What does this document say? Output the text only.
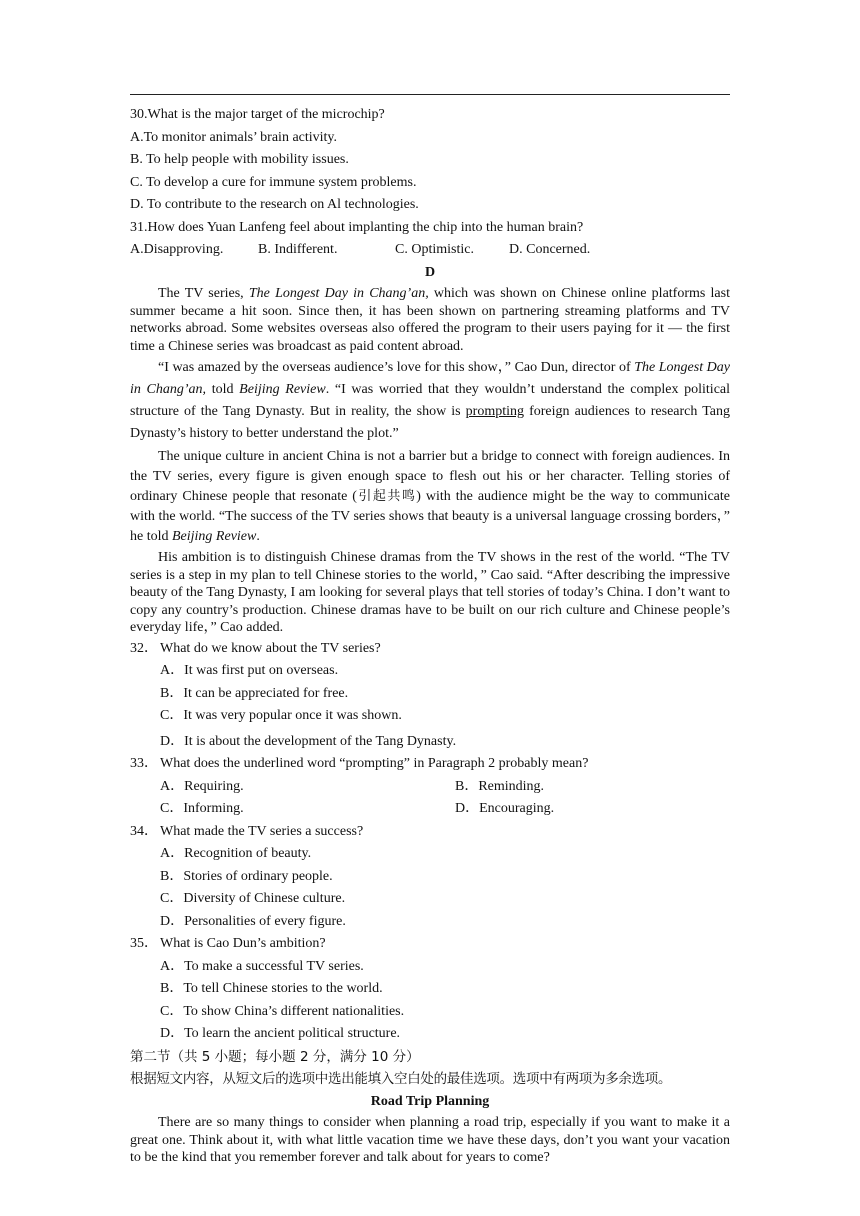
30.What is the major target of the microchip?

A.To monitor animals’ brain activity.

B. To help people with mobility issues.

C. To develop a cure for immune system problems.

D. To contribute to the research on Al technologies.

31.How does Yuan Lanfeng feel about implanting the chip into the human brain?

A.Disapproving.	B. Indifferent.	C. Optimistic.	D. Concerned.

D

The TV series, The Longest Day in Chang’an, which was shown on Chinese online platforms last summer became a hit soon. Since then, it has been shown on partnering streaming platforms and TV networks abroad. Some websites overseas also offered the program to their users paying for it — the first time a Chinese series was broadcast as paid content abroad.

“I was amazed by the overseas audience’s love for this show，” Cao Dun, director of The Longest Day in Chang’an, told Beijing Review. “I was worried that they wouldn’t understand the complex political structure of the Tang Dynasty. But in reality, the show is prompting foreign audiences to research Tang Dynasty’s history to better understand the plot.”

The unique culture in ancient China is not a barrier but a bridge to connect with foreign audiences. In the TV series, every figure is given enough space to flesh out his or her character. Telling stories of ordinary Chinese people that resonate (引起共鸣) with the audience might be the way to communicate with the world. “The success of the TV series shows that beauty is a universal language crossing borders，” he told Beijing Review.

His ambition is to distinguish Chinese dramas from the TV shows in the rest of the world. “The TV series is a step in my plan to tell Chinese stories to the world，” Cao said. “After describing the impressive beauty of the Tang Dynasty, I am looking for several plays that tell stories of today’s China. I don’t want to copy any country’s production. Chinese dramas have to be built on our rich culture and Chinese people’s everyday life，” Cao added.

32． What do we know about the TV series?

A．It was first put on overseas.

B．It can be appreciated for free.

C．It was very popular once it was shown.

D．It is about the development of the Tang Dynasty.

33． What does the underlined word “prompting” in Paragraph 2 probably mean?

A．Requiring.	B．Reminding.
C．Informing.	D．Encouraging.

34． What made the TV series a success?

A．Recognition of beauty.

B．Stories of ordinary people.

C．Diversity of Chinese culture.

D．Personalities of every figure.

35． What is Cao Dun’s ambition?

A．To make a successful TV series.

B．To tell Chinese stories to the world.

C．To show China’s different nationalities.

D．To learn the ancient political structure.

第二节（共 5 小题；每小题 2 分，满分 10 分）

根据短文内容，从短文后的选项中选出能填入空白处的最佳选项。选项中有两项为多余选项。

Road Trip Planning

There are so many things to consider when planning a road trip, especially if you want to make it a great one. Think about it, with what little vacation time we have these days, don’t you want your vacation to be the kind that you remember forever and talk about for years to come?
